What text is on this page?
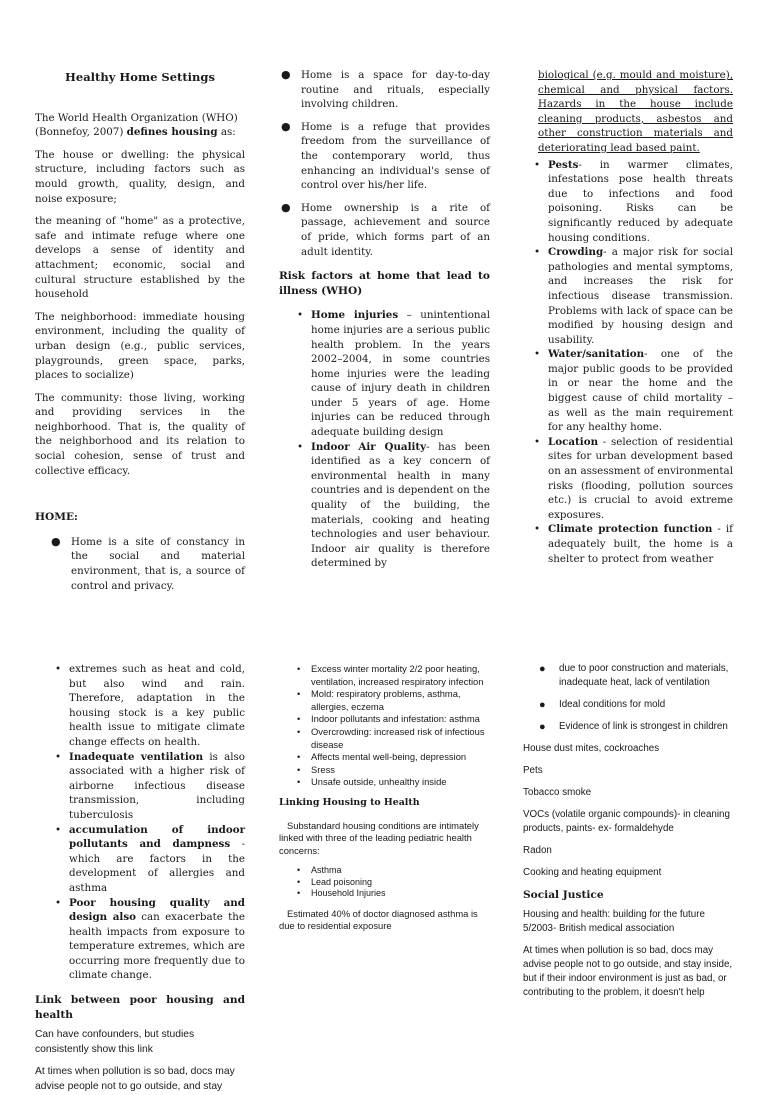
Healthy Home Settings

The World Health Organization (WHO) (Bonnefoy, 2007) defines housing as:

The house or dwelling: the physical structure, including factors such as mould growth, quality, design, and noise exposure;

the meaning of "home" as a protective, safe and intimate refuge where one develops a sense of identity and attachment; economic, social and cultural structure established by the household

The neighborhood: immediate housing environment, including the quality of urban design (e.g., public services, playgrounds, green space, parks, places to socialize)

The community: those living, working and providing services in the neighborhood. That is, the quality of the neighborhood and its relation to social cohesion, sense of trust and collective efficacy.

HOME:
● Home is a site of constancy in the social and material environment, that is, a source of control and privacy.
● Home is a space for day-to-day routine and rituals, especially involving children.
● Home is a refuge that provides freedom from the surveillance of the contemporary world, thus enhancing an individual's sense of control over his/her life.
● Home ownership is a rite of passage, achievement and source of pride, which forms part of an adult identity.
Risk factors at home that lead to illness (WHO)
• Home injuries – unintentional home injuries are a serious public health problem. In the years 2002–2004, in some countries home injuries were the leading cause of injury death in children under 5 years of age. Home injuries can be reduced through adequate building design
• Indoor Air Quality- has been identified as a key concern of environmental health in many countries and is dependent on the quality of the building, the materials, cooking and heating technologies and user behaviour. Indoor air quality is therefore determined by

biological (e.g. mould and moisture), chemical and physical factors. Hazards in the house include cleaning products, asbestos and other construction materials and deteriorating lead based paint.

• Pests- in warmer climates, infestations pose health threats due to infections and food poisoning. Risks can be significantly reduced by adequate housing conditions.
• Crowding- a major risk for social pathologies and mental symptoms, and increases the risk for infectious disease transmission. Problems with lack of space can be modified by housing design and usability.
• Water/sanitation- one of the major public goods to be provided in or near the home and the biggest cause of child mortality – as well as the main requirement for any healthy home.
• Location - selection of residential sites for urban development based on an assessment of environmental risks (flooding, pollution sources etc.) is crucial to avoid extreme exposures.
• Climate protection function - if adequately built, the home is a shelter to protect from weather
• extremes such as heat and cold, but also wind and rain. Therefore, adaptation in the housing stock is a key public health issue to mitigate climate change effects on health.
• Inadequate ventilation is also associated with a higher risk of airborne infectious disease transmission, including tuberculosis
• accumulation of indoor pollutants and dampness - which are factors in the development of allergies and asthma
• Poor housing quality and design also can exacerbate the health impacts from exposure to temperature extremes, which are occurring more frequently due to climate change.
Link between poor housing and health

Can have confounders, but studies consistently show this link

At times when pollution is so bad, docs may advise people not to go outside, and stay

• Excess winter mortality 2/2 poor heating, ventilation, increased respiratory infection
• Mold: respiratory problems, asthma, allergies, eczema
• Indoor pollutants and infestation: asthma
• Overcrowding: increased risk of infectious disease
• Affects mental well-being, depression
• Sress
• Unsafe outside, unhealthy inside
Linking Housing to Health

Substandard housing conditions are intimately linked with three of the leading pediatric health concerns:

• Asthma
• Lead poisoning
• Household Injuries

Estimated 40% of doctor diagnosed asthma is due to residential exposure

● due to poor construction and materials, inadequate heat, lack of ventilation
● Ideal conditions for mold
● Evidence of link is strongest in children

House dust mites, cockroaches

Pets

Tobacco smoke

VOCs (volatile organic compounds)- in cleaning products, paints- ex- formaldehyde

Radon

Cooking and heating equipment

Social Justice

Housing and health: building for the future 5/2003- British medical association

At times when pollution is so bad, docs may advise people not to go outside, and stay inside, but if their indoor environment is just as bad, or contributing to the problem, it doesn't help
